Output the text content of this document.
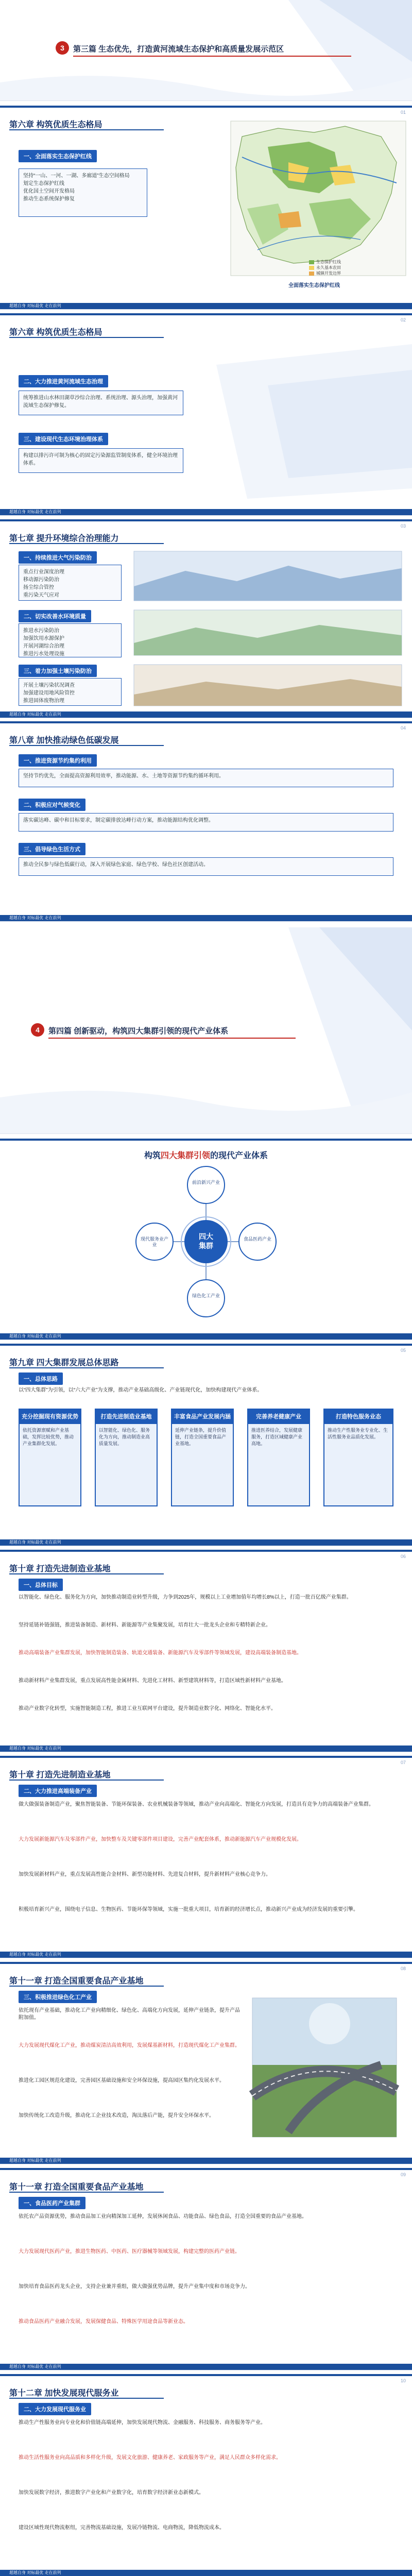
3	第三篇 生态优先，打造黄河流域生态保护和高质量发展示范区
01
第六章 构筑优质生态格局
一、全面落实生态保护红线
坚持“一山、一河、一湖、多廊道”生态空间格局
划定生态保护红线
优化国土空间开发格局
推动生态系统保护修复
生态保护红线
永久基本农田
城镇开发边界
全面落实生态保护红线
超越自身 对标最优 走在前列
02
第六章 构筑优质生态格局
二、大力推进黄河流域生态治理
统筹推进山水林田湖草沙综合治理、系统治理、源头治理，加强黄河流域生态保护修复。
三、建设现代生态环境治理体系
构建以排污许可制为核心的固定污染源监管制度体系，健全环境治理体系。
超越自身 对标最优 走在前列
03
第七章 提升环境综合治理能力
一、持续推进大气污染防治
重点行业深度治理
移动源污染防治
扬尘综合管控
重污染天气应对
二、切实改善水环境质量
推进水污染防治
加强饮用水源保护
开展河湖综合治理
推进污水处理设施
三、着力加强土壤污染防治
开展土壤污染状况调查
加强建设用地风险管控
推进固体废物治理
超越自身 对标最优 走在前列
04
第八章 加快推动绿色低碳发展
一、推进资源节约集约利用
坚持节约优先，全面提高资源利用效率，推动能源、水、土地等资源节约集约循环利用。
二、积极应对气候变化
落实碳达峰、碳中和目标要求，制定碳排放达峰行动方案，推动能源结构优化调整。
三、倡导绿色生活方式
推动全民参与绿色低碳行动，深入开展绿色家庭、绿色学校、绿色社区创建活动。
超越自身 对标最优 走在前列
4	第四篇 创新驱动，构筑四大集群引领的现代产业体系
构筑四大集群引领的现代产业体系
四大
集群
前沿新兴产业
现代服务业产业
食品医药产业
绿色化工产业
超越自身 对标最优 走在前列
05
第九章 四大集群发展总体思路
一、总体思路
以“四大集群”为引领，以“六大产业”为支撑，推动产业基础高级化、产业链现代化，加快构建现代产业体系。
充分挖掘现有资源优势
依托资源禀赋和产业基础，发挥比较优势，推动产业集群化发展。
打造先进制造业基地
以智能化、绿色化、服务化为方向，推动制造业高质量发展。
丰富食品产业发展内涵
延伸产业链条，提升价值链，打造全国重要食品产业基地。
完善养老健康产业
推进医养结合，发展健康服务，打造区域健康产业高地。
打造特色服务业态
推动生产性服务业专业化、生活性服务业品质化发展。
超越自身 对标最优 走在前列
06
第十章 打造先进制造业基地
一、总体目标
以智能化、绿色化、服务化为方向，加快推动制造业转型升级，力争到2025年，规模以上工业增加值年均增长8%以上，打造一批百亿级产业集群。
坚持延链补链强链，推进装备制造、新材料、新能源等产业集聚发展，培育壮大一批龙头企业和专精特新企业。
推动高端装备产业集群发展，加快智能制造装备、轨道交通装备、新能源汽车及零部件等领域发展，建设高端装备制造基地。
推动新材料产业集群发展，重点发展高性能金属材料、先进化工材料、新型建筑材料等，打造区域性新材料产业基地。
推动产业数字化转型，实施智能制造工程，推进工业互联网平台建设，提升制造业数字化、网络化、智能化水平。
超越自身 对标最优 走在前列
07
第十章 打造先进制造业基地
二、大力推进高端装备产业
做大做强装备制造产业，聚焦智能装备、节能环保装备、农业机械装备等领域，推动产业向高端化、智能化方向发展，打造具有竞争力的高端装备产业集群。
大力发展新能源汽车及零部件产业，加快整车及关键零部件项目建设，完善产业配套体系，推动新能源汽车产业规模化发展。
加快发展新材料产业，重点发展高性能合金材料、新型功能材料、先进复合材料，提升新材料产业核心竞争力。
积极培育新兴产业，围绕电子信息、生物医药、节能环保等领域，实施一批重大项目，培育新的经济增长点，推动新兴产业成为经济发展的重要引擎。
超越自身 对标最优 走在前列
08
第十一章 打造全国重要食品产业基地
三、积极推进绿色化工产业
依托现有产业基础，推动化工产业向精细化、绿色化、高端化方向发展，延伸产业链条，提升产品附加值。
大力发展现代煤化工产业，推动煤炭清洁高效利用，发展煤基新材料，打造现代煤化工产业集群。
推进化工园区规范化建设，完善园区基础设施和安全环保设施，提高园区集约化发展水平。
加快传统化工改造升级，推动化工企业技术改造，淘汰落后产能，提升安全环保水平。
超越自身 对标最优 走在前列
09
第十一章 打造全国重要食品产业基地
一、食品医药产业集群
依托农产品资源优势，推动食品加工业向精深加工延伸，发展休闲食品、功能食品、绿色食品，打造全国重要的食品产业基地。
大力发展现代医药产业，推进生物医药、中医药、医疗器械等领域发展，构建完整的医药产业链。
加快培育食品医药龙头企业，支持企业兼并重组，做大做强优势品牌，提升产业集中度和市场竞争力。
推动食品医药产业融合发展，发展保健食品、特殊医学用途食品等新业态。
超越自身 对标最优 走在前列
10
第十二章 加快发展现代服务业
二、大力发展现代服务业
推动生产性服务业向专业化和价值链高端延伸，加快发展现代物流、金融服务、科技服务、商务服务等产业。
推动生活性服务业向高品质和多样化升级，发展文化旅游、健康养老、家政服务等产业，满足人民群众多样化需求。
加快发展数字经济，推进数字产业化和产业数字化，培育数字经济新业态新模式。
建设区域性现代物流枢纽，完善物流基础设施，发展冷链物流、电商物流，降低物流成本。
超越自身 对标最优 走在前列
